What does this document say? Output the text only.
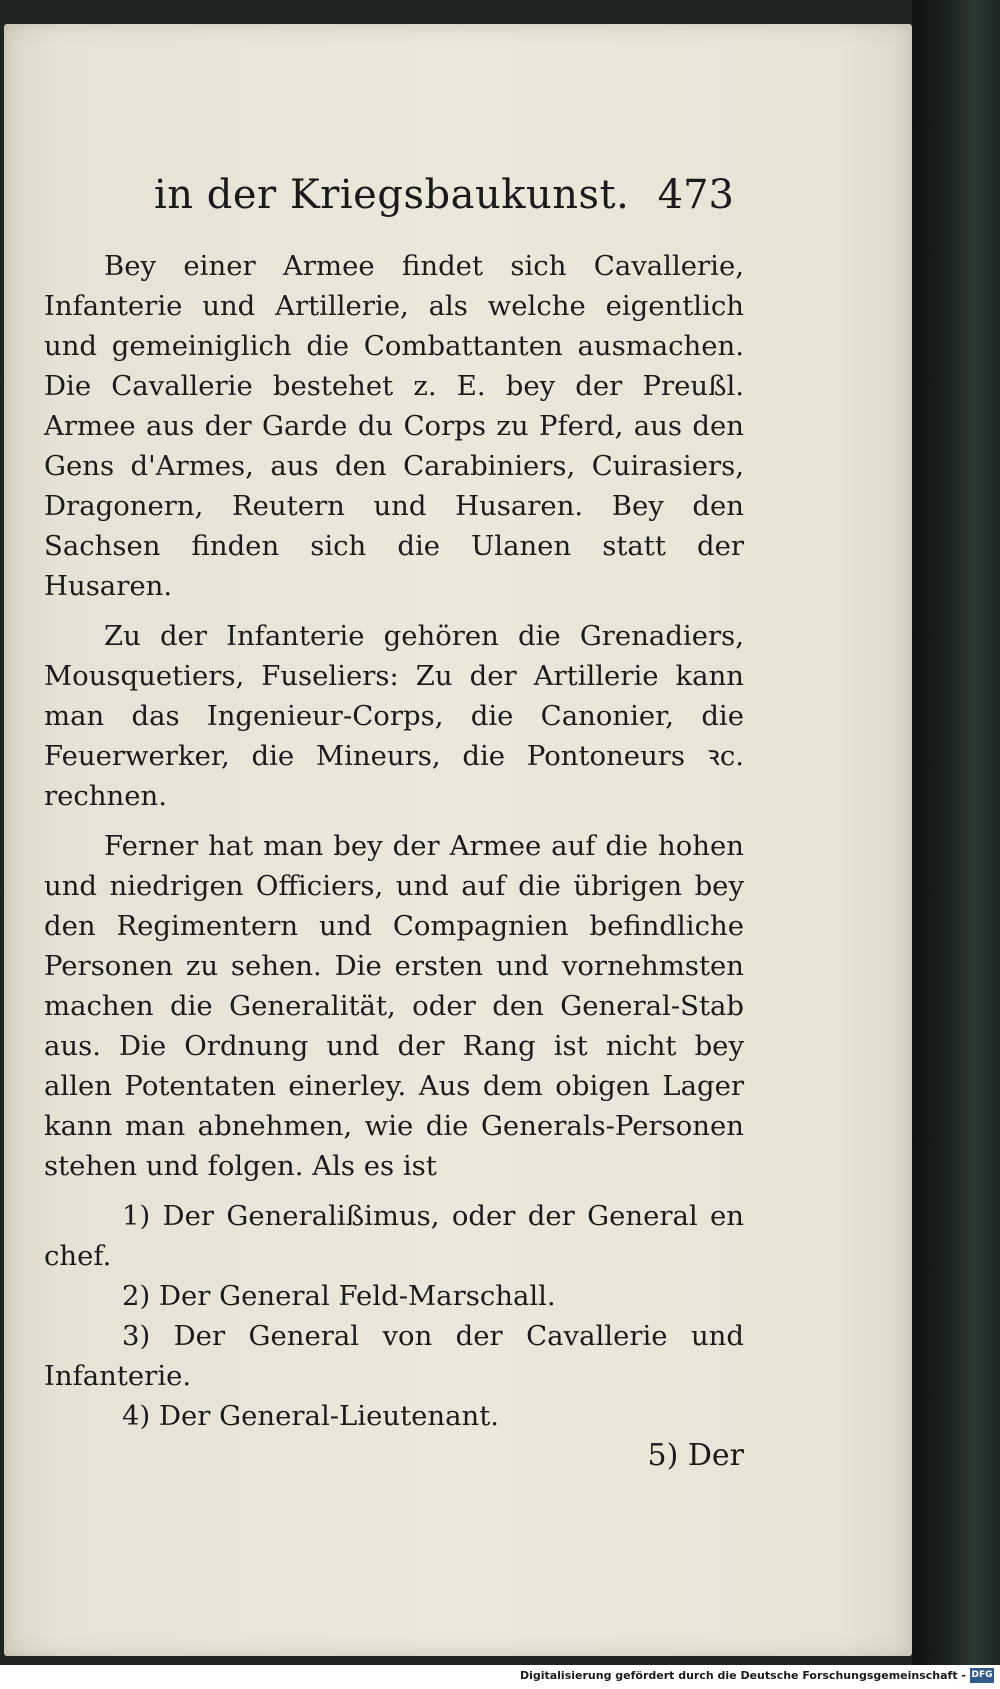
in der Kriegsbaukunst. 473

Bey einer Armee findet sich Cavallerie, Infanterie und Artillerie, als welche eigentlich und gemeiniglich die Combattanten ausmachen. Die Cavallerie bestehet z. E. bey der Preußl. Armee aus der Garde du Corps zu Pferd, aus den Gens d'Armes, aus den Carabiniers, Cuirasiers, Dragonern, Reutern und Husaren. Bey den Sachsen finden sich die Ulanen statt der Husaren.

Zu der Infanterie gehören die Grenadiers, Mousquetiers, Fuseliers: Zu der Artillerie kann man das Ingenieur-Corps, die Canonier, die Feuerwerker, die Mineurs, die Pontoneurs ꝛc. rechnen.

Ferner hat man bey der Armee auf die hohen und niedrigen Officiers, und auf die übrigen bey den Regimentern und Compagnien befindliche Personen zu sehen. Die ersten und vornehmsten machen die Generalität, oder den General-Stab aus. Die Ordnung und der Rang ist nicht bey allen Potentaten einerley. Aus dem obigen Lager kann man abnehmen, wie die Generals-Personen stehen und folgen. Als es ist

1) Der Generalißimus, oder der General en chef.

2) Der General Feld-Marschall.

3) Der General von der Cavallerie und Infanterie.

4) Der General-Lieutenant.

5) Der

Digitalisierung gefördert durch die Deutsche Forschungsgemeinschaft - DFG
